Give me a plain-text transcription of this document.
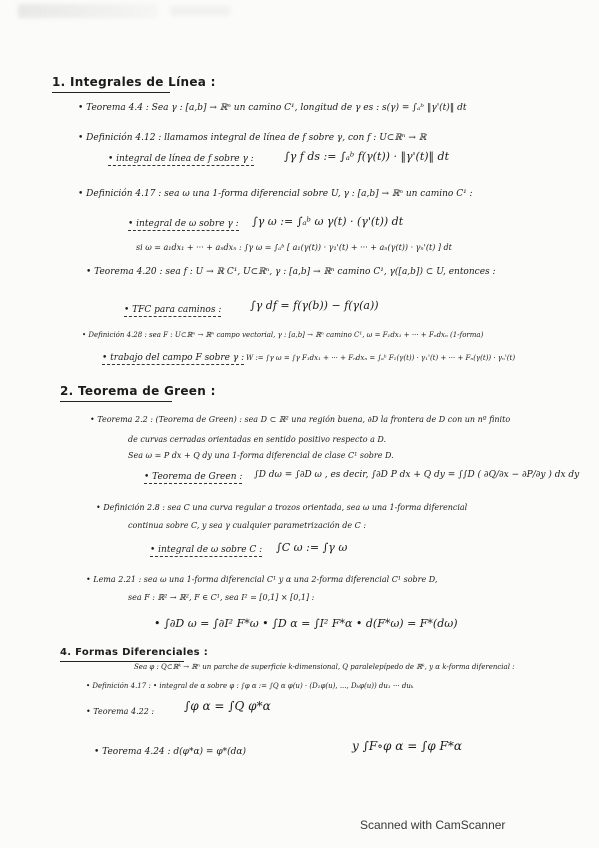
1. Integrales de Línea :
• Teorema 4.4 : Sea γ : [a,b] → ℝⁿ un camino C¹, longitud de γ es : s(γ) = ∫ₐᵇ ‖γ'(t)‖ dt
• Definición 4.12 : llamamos integral de línea de f sobre γ, con f : U⊂ℝⁿ → ℝ
• integral de línea de f sobre γ :	∫γ f ds := ∫ₐᵇ f(γ(t)) · ‖γ'(t)‖ dt
• Definición 4.17 : sea ω una 1-forma diferencial sobre U, γ : [a,b] → ℝⁿ un camino C¹ :
• integral de ω sobre γ : ∫γ ω := ∫ₐᵇ ω γ(t) · (γ'(t)) dt
si ω = a₁dx₁ + ··· + aₙdxₙ : ∫γ ω = ∫ₐᵇ [ a₁(γ(t)) · γ₁'(t) + ··· + aₙ(γ(t)) · γₙ'(t) ] dt
• Teorema 4.20 : sea f : U → ℝ C¹, U⊂ℝⁿ, γ : [a,b] → ℝⁿ camino C¹, γ([a,b]) ⊂ U, entonces :
• TFC para caminos :	∫γ df = f(γ(b)) − f(γ(a))
• Definición 4.28 : sea F : U⊂ℝⁿ → ℝⁿ campo vectorial, γ : [a,b] → ℝⁿ camino C¹, ω = F₁dx₁ + ··· + Fₙdxₙ (1-forma)
• trabajo del campo F sobre γ : W := ∫γ ω = ∫γ F₁dx₁ + ··· + Fₙdxₙ = ∫ₐᵇ F₁(γ(t)) · γ₁'(t) + ··· + Fₙ(γ(t)) · γₙ'(t)
2. Teorema de Green :
• Teorema 2.2 : (Teorema de Green) : sea D ⊂ ℝ² una región buena, ∂D la frontera de D con un nº finito
de curvas cerradas orientadas en sentido positivo respecto a D.
Sea ω = P dx + Q dy una 1-forma diferencial de clase C¹ sobre D.
• Teorema de Green : ∫D dω = ∫∂D ω , es decir, ∫∂D P dx + Q dy = ∫∫D ( ∂Q/∂x − ∂P/∂y ) dx dy
• Definición 2.8 : sea C una curva regular a trozos orientada, sea ω una 1-forma diferencial
continua sobre C, y sea γ cualquier parametrización de C :
• integral de ω sobre C : ∫C ω := ∫γ ω
• Lema 2.21 : sea ω una 1-forma diferencial C¹ y α una 2-forma diferencial C¹ sobre D,
sea F : ℝ² → ℝ², F ∈ C¹, sea I² = [0,1] × [0,1] :
• ∫∂D ω = ∫∂I² F*ω • ∫D α = ∫I² F*α • d(F*ω) = F*(dω)
4. Formas Diferenciales :
Sea φ : Q⊂ℝᵏ → ℝⁿ un parche de superficie k-dimensional, Q paralelepípedo de ℝᵏ, y α k-forma diferencial :
• Definición 4.17 : • integral de α sobre φ : ∫φ α := ∫Q α φ(u) · (D₁φ(u), ..., Dₖφ(u)) du₁ ··· duₖ
• Teorema 4.22 : ∫φ α = ∫Q φ*α
• Teorema 4.24 : d(φ*α) = φ*(dα)	y ∫F∘φ α = ∫φ F*α
Scanned with CamScanner
